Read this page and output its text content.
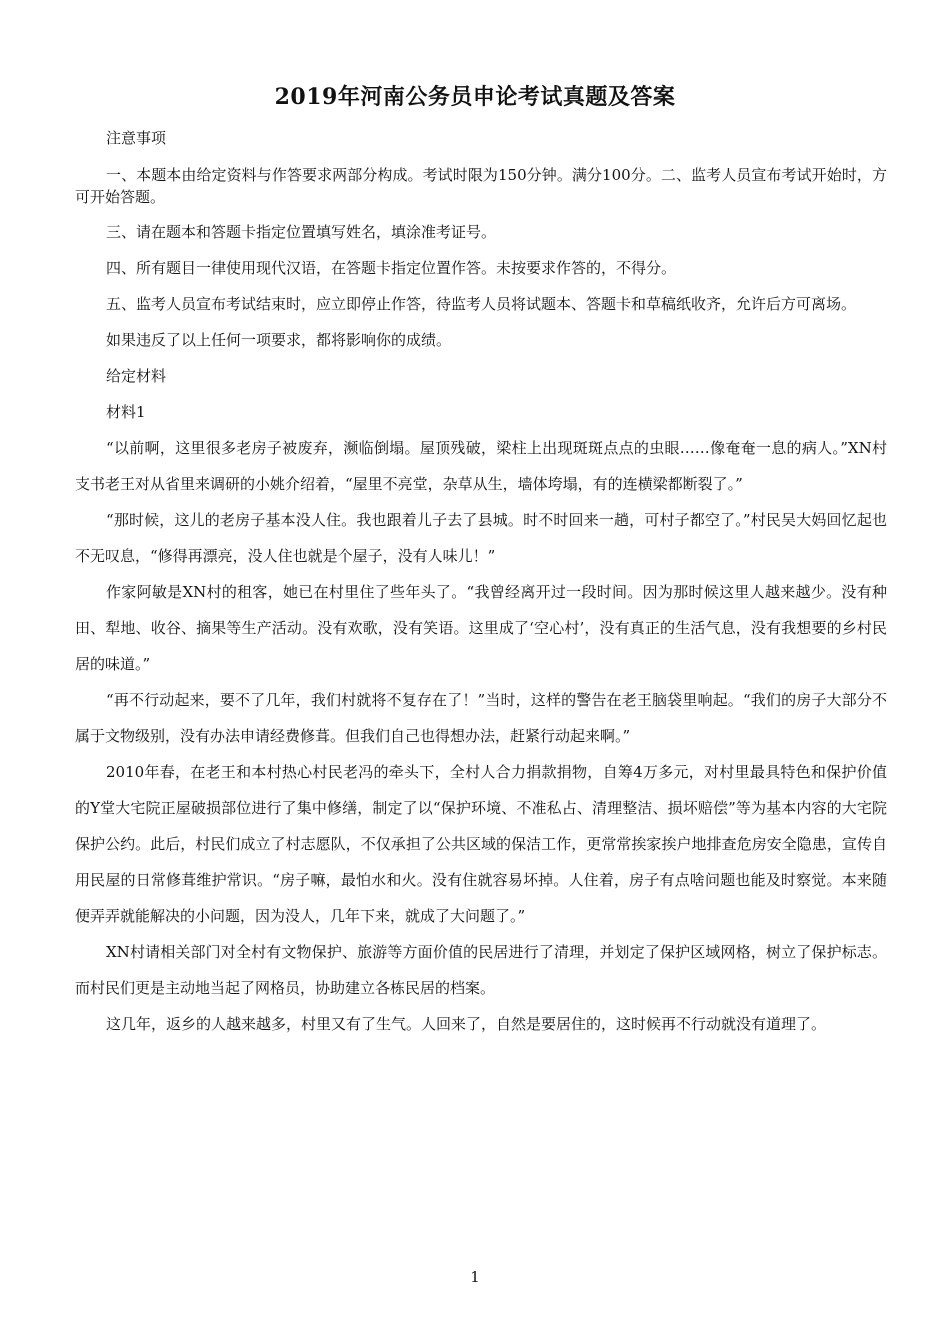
2019年河南公务员申论考试真题及答案

注意事项

一、本题本由给定资料与作答要求两部分构成。考试时限为150分钟。满分100分。二、监考人员宣布考试开始时，方可开始答题。

三、请在题本和答题卡指定位置填写姓名，填涂准考证号。

四、所有题目一律使用现代汉语，在答题卡指定位置作答。未按要求作答的，不得分。

五、监考人员宣布考试结束时，应立即停止作答，待监考人员将试题本、答题卡和草稿纸收齐，允许后方可离场。

如果违反了以上任何一项要求，都将影响你的成绩。

给定材料

材料1

“以前啊，这里很多老房子被废弃，濒临倒塌。屋顶残破，梁柱上出现斑斑点点的虫眼……像奄奄一息的病人。”XN村支书老王对从省里来调研的小姚介绍着，“屋里不亮堂，杂草从生，墙体垮塌，有的连横梁都断裂了。”

“那时候，这儿的老房子基本没人住。我也跟着儿子去了县城。时不时回来一趟，可村子都空了。”村民吴大妈回忆起也不无叹息，“修得再漂亮，没人住也就是个屋子，没有人味儿！”

作家阿敏是XN村的租客，她已在村里住了些年头了。“我曾经离开过一段时间。因为那时候这里人越来越少。没有种田、犁地、收谷、摘果等生产活动。没有欢歌，没有笑语。这里成了‘空心村’，没有真正的生活气息，没有我想要的乡村民居的味道。”

“再不行动起来，要不了几年，我们村就将不复存在了！”当时，这样的警告在老王脑袋里响起。“我们的房子大部分不属于文物级别，没有办法申请经费修葺。但我们自己也得想办法，赶紧行动起来啊。”

2010年春，在老王和本村热心村民老冯的牵头下，全村人合力捐款捐物，自筹4万多元，对村里最具特色和保护价值的Y堂大宅院正屋破损部位进行了集中修缮，制定了以“保护环境、不准私占、清理整洁、损坏赔偿”等为基本内容的大宅院保护公约。此后，村民们成立了村志愿队，不仅承担了公共区域的保洁工作，更常常挨家挨户地排查危房安全隐患，宣传自用民屋的日常修葺维护常识。“房子嘛，最怕水和火。没有住就容易坏掉。人住着，房子有点啥问题也能及时察觉。本来随便弄弄就能解决的小问题，因为没人，几年下来，就成了大问题了。”

XN村请相关部门对全村有文物保护、旅游等方面价值的民居进行了清理，并划定了保护区域网格，树立了保护标志。而村民们更是主动地当起了网格员，协助建立各栋民居的档案。

这几年，返乡的人越来越多，村里又有了生气。人回来了，自然是要居住的，这时候再不行动就没有道理了。

1
